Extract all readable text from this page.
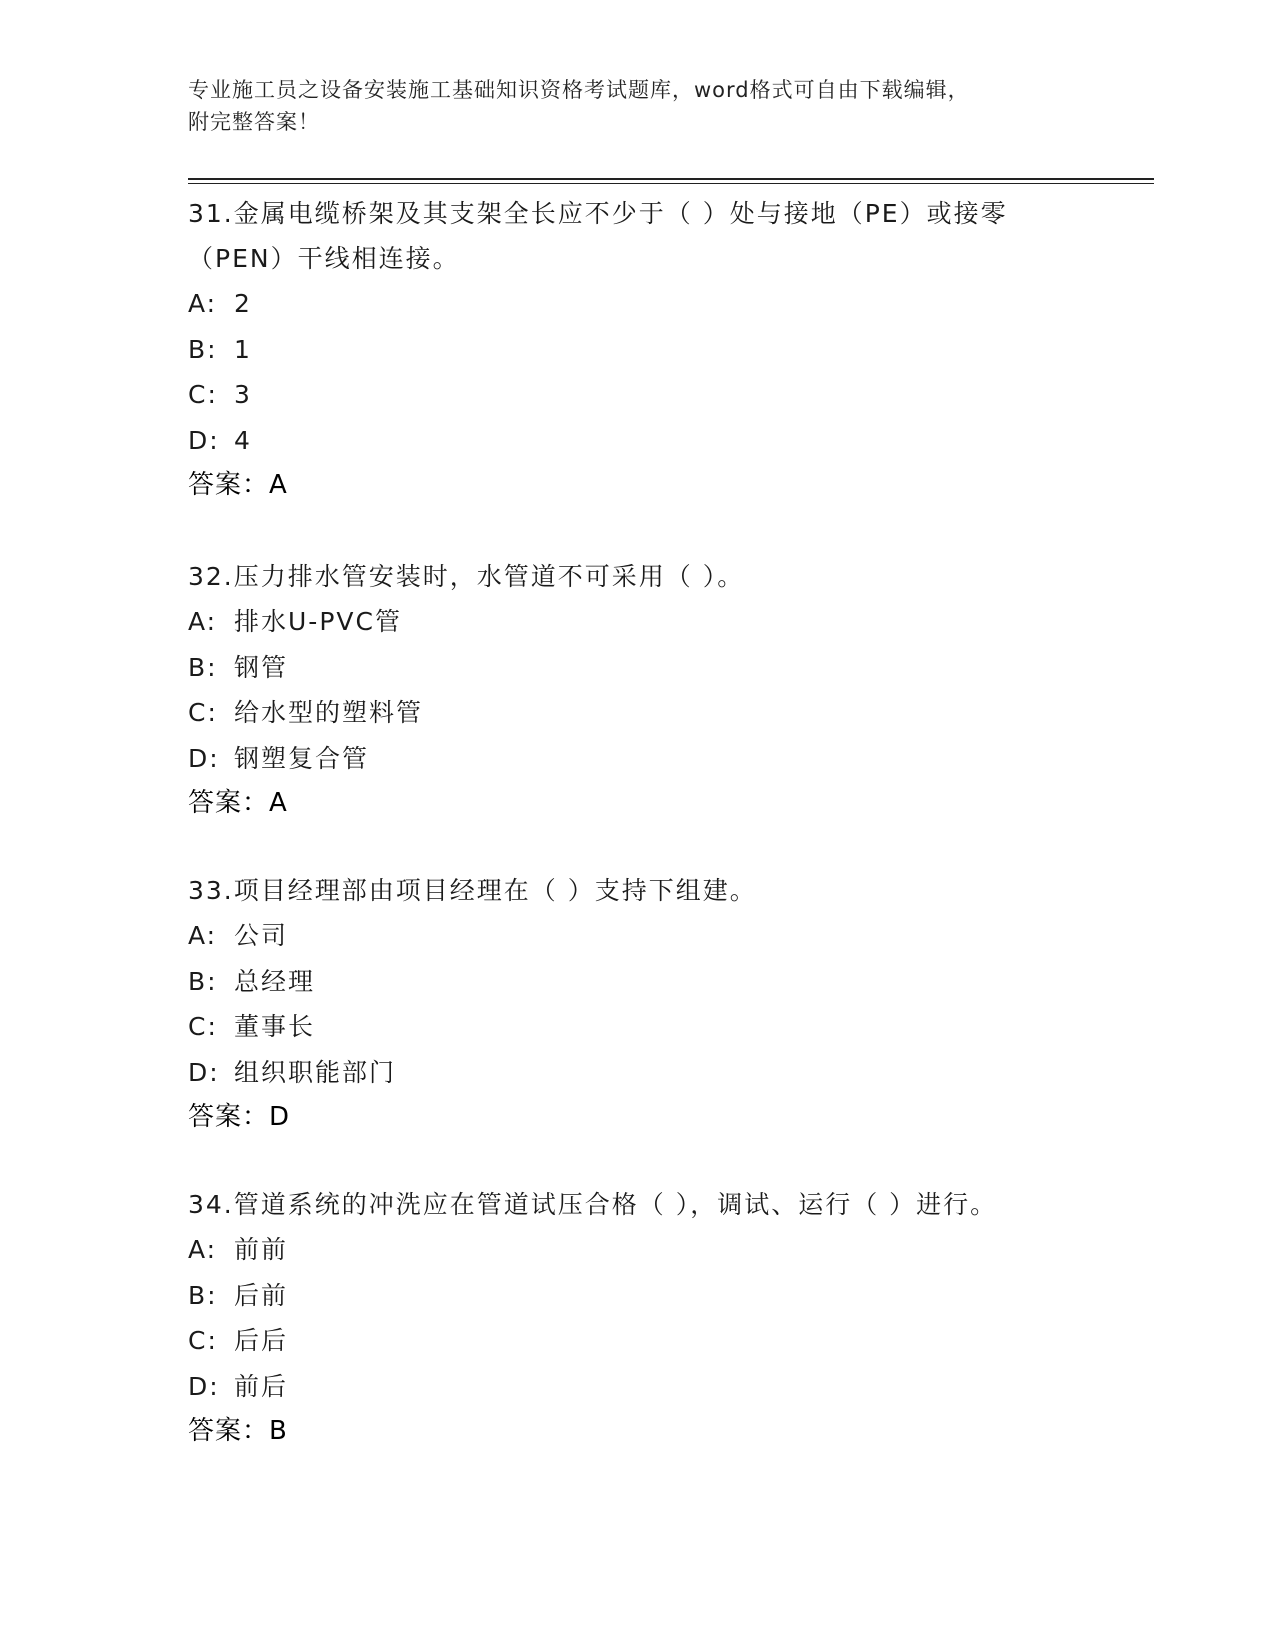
专业施工员之设备安装施工基础知识资格考试题库，word格式可自由下载编辑，
附完整答案！
31.金属电缆桥架及其支架全长应不少于（ ）处与接地（PE）或接零
（PEN）干线相连接。
A: 2
B: 1
C: 3
D: 4
答案：A
32.压力排水管安装时，水管道不可采用（ ）。
A: 排水U-PVC管
B: 钢管
C: 给水型的塑料管
D: 钢塑复合管
答案：A
33.项目经理部由项目经理在（ ）支持下组建。
A: 公司
B: 总经理
C: 董事长
D: 组织职能部门
答案：D
34.管道系统的冲洗应在管道试压合格（ ），调试、运行（ ）进行。
A: 前前
B: 后前
C: 后后
D: 前后
答案：B
